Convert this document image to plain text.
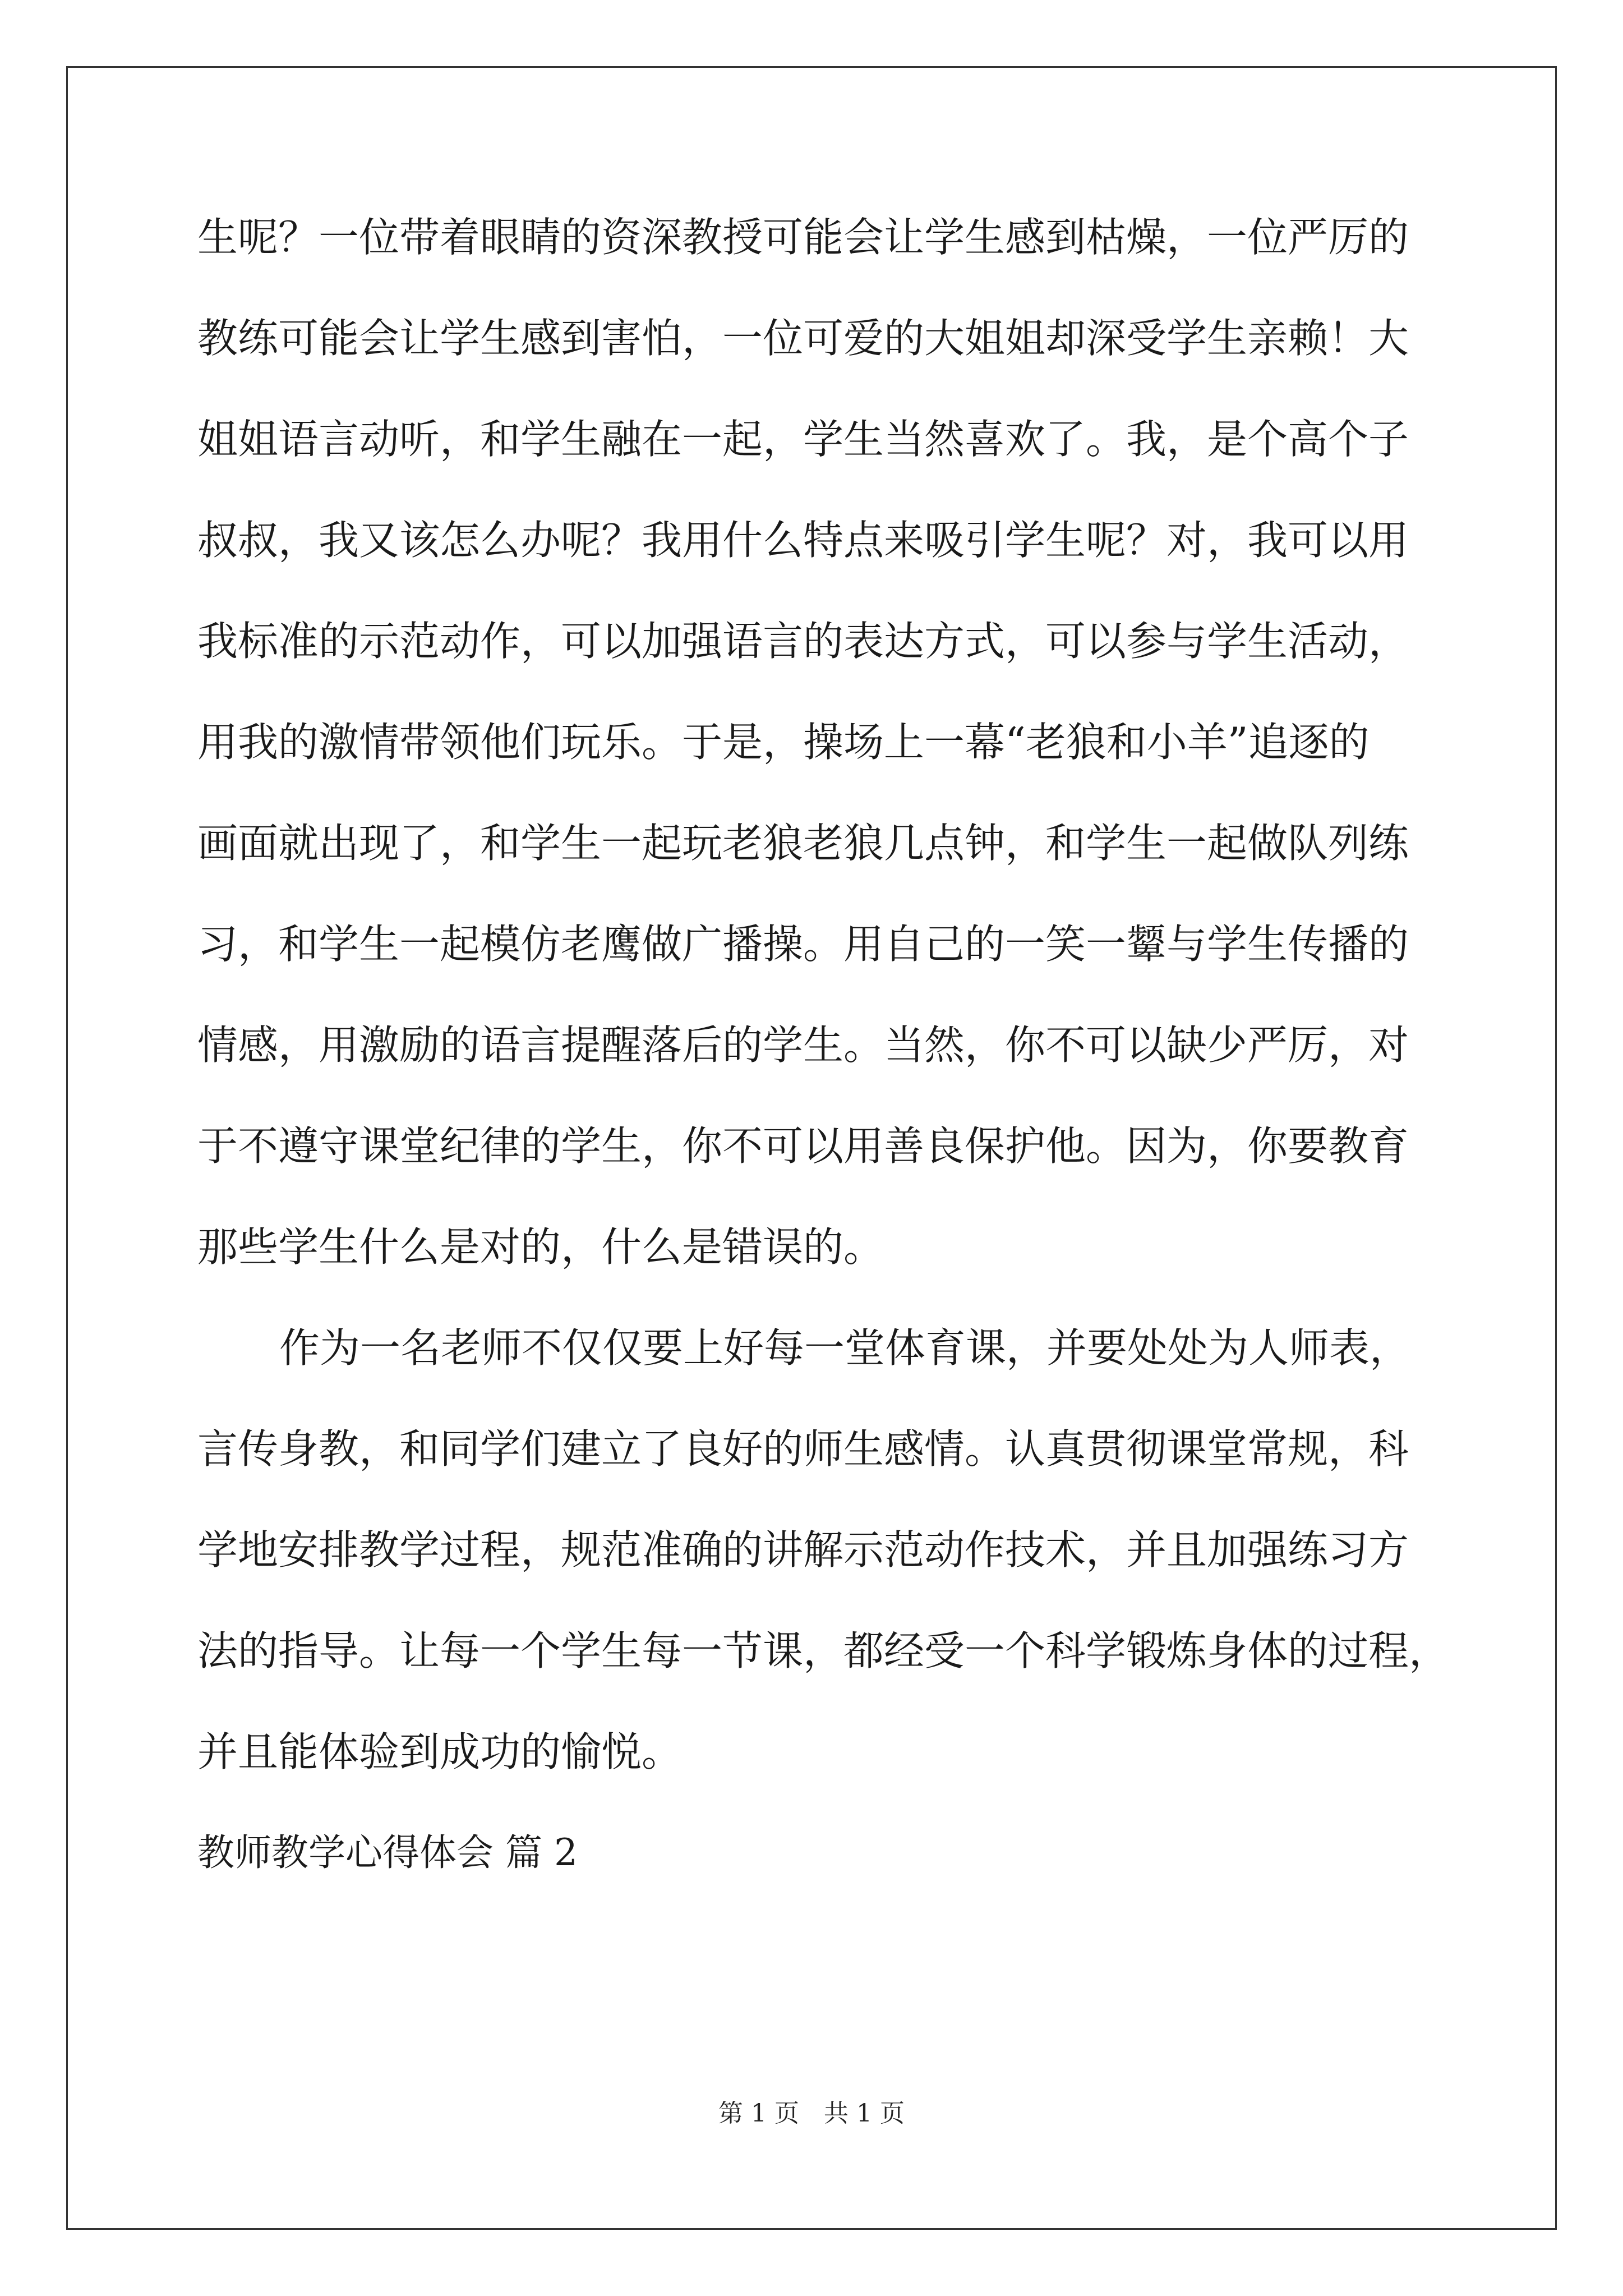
生呢？一位带着眼睛的资深教授可能会让学生感到枯燥，一位严厉的
教练可能会让学生感到害怕，一位可爱的大姐姐却深受学生亲赖！大
姐姐语言动听，和学生融在一起，学生当然喜欢了。我，是个高个子
叔叔，我又该怎么办呢？我用什么特点来吸引学生呢？对，我可以用
我标准的示范动作，可以加强语言的表达方式，可以参与学生活动，
用我的激情带领他们玩乐。于是，操场上一幕“老狼和小羊”追逐的
画面就出现了，和学生一起玩老狼老狼几点钟，和学生一起做队列练
习，和学生一起模仿老鹰做广播操。用自己的一笑一颦与学生传播的
情感，用激励的语言提醒落后的学生。当然，你不可以缺少严厉，对
于不遵守课堂纪律的学生，你不可以用善良保护他。因为，你要教育
那些学生什么是对的，什么是错误的。
作为一名老师不仅仅要上好每一堂体育课，并要处处为人师表，
言传身教，和同学们建立了良好的师生感情。认真贯彻课堂常规，科
学地安排教学过程，规范准确的讲解示范动作技术，并且加强练习方
法的指导。让每一个学生每一节课，都经受一个科学锻炼身体的过程，
并且能体验到成功的愉悦。
教师教学心得体会 篇 2
第 1 页　共 1 页
